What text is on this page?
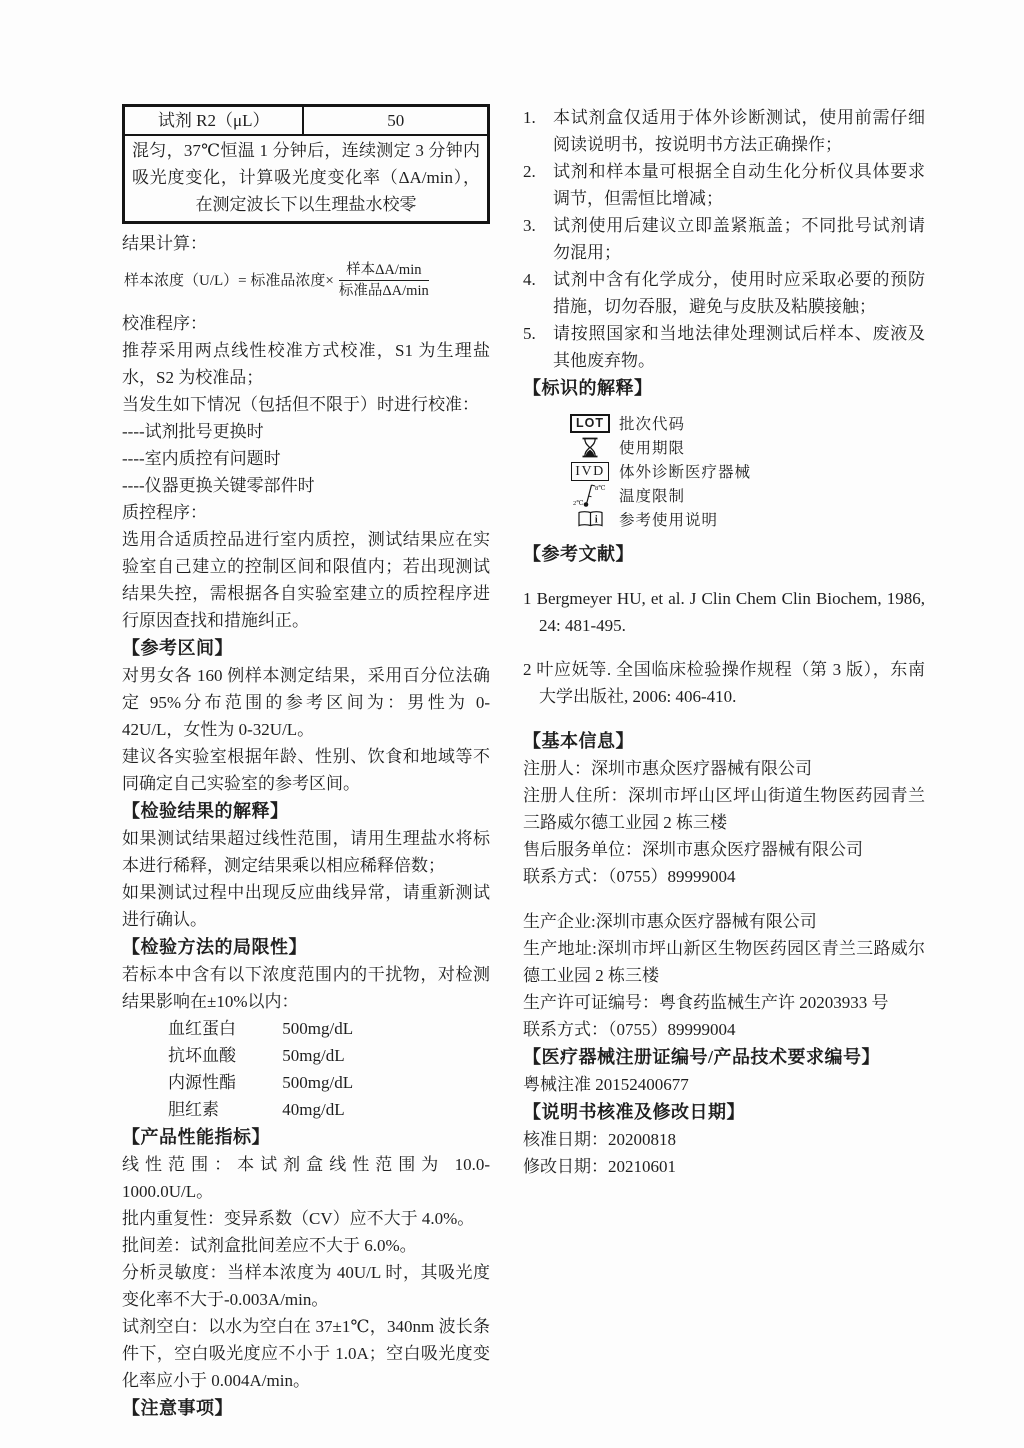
试剂 R2（μL）	50
混匀，37℃恒温 1 分钟后，连续测定 3 分钟内吸光度变化，计算吸光度变化率（ΔA/min），在测定波长下以生理盐水校零

结果计算：

样本浓度（U/L）= 标准品浓度× $\frac{\text{样本ΔA/min}}{\text{标准品ΔA/min}}$

校准程序：

推荐采用两点线性校准方式校准，S1 为生理盐水，S2 为校准品；

当发生如下情况（包括但不限于）时进行校准：

----试剂批号更换时

----室内质控有问题时

----仪器更换关键零部件时

质控程序：

选用合适质控品进行室内质控，测试结果应在实验室自己建立的控制区间和限值内；若出现测试结果失控，需根据各自实验室建立的质控程序进行原因查找和措施纠正。

【参考区间】

对男女各 160 例样本测定结果，采用百分位法确定 95%分布范围的参考区间为：男性为 0-42U/L，女性为 0-32U/L。

建议各实验室根据年龄、性别、饮食和地域等不同确定自己实验室的参考区间。

【检验结果的解释】

如果测试结果超过线性范围，请用生理盐水将标本进行稀释，测定结果乘以相应稀释倍数；

如果测试过程中出现反应曲线异常，请重新测试进行确认。

【检验方法的局限性】

若标本中含有以下浓度范围内的干扰物，对检测结果影响在±10%以内：

血红蛋白	500mg/dL
抗坏血酸	50mg/dL
内源性酯	500mg/dL
胆红素	40mg/dL

【产品性能指标】

线性范围：本试剂盒线性范围为 10.0-1000.0U/L。

批内重复性：变异系数（CV）应不大于 4.0%。

批间差：试剂盒批间差应不大于 6.0%。

分析灵敏度：当样本浓度为 40U/L 时，其吸光度变化率不大于-0.003A/min。

试剂空白：以水为空白在 37±1℃，340nm 波长条件下，空白吸光度应不小于 1.0A；空白吸光度变化率应小于 0.004A/min。

【注意事项】

1.	本试剂盒仅适用于体外诊断测试，使用前需仔细阅读说明书，按说明书方法正确操作；
2.	试剂和样本量可根据全自动生化分析仪具体要求调节，但需恒比增减；
3.	试剂使用后建议立即盖紧瓶盖；不同批号试剂请勿混用；
4.	试剂中含有化学成分，使用时应采取必要的预防措施，切勿吞服，避免与皮肤及粘膜接触；
5.	请按照国家和当地法律处理测试后样本、废液及其他废弃物。

【标识的解释】

LOT 批次代码
使用期限
IVD 体外诊断医疗器械
8℃
2℃ 温度限制
i 参考使用说明

【参考文献】

1 Bergmeyer HU, et al. J Clin Chem Clin Biochem, 1986, 24: 481-495.

2 叶应妩等. 全国临床检验操作规程（第 3 版），东南大学出版社, 2006: 406-410.

【基本信息】

注册人：深圳市惠众医疗器械有限公司

注册人住所：深圳市坪山区坪山街道生物医药园青兰三路威尔德工业园 2 栋三楼

售后服务单位：深圳市惠众医疗器械有限公司

联系方式：（0755）89999004

生产企业:深圳市惠众医疗器械有限公司

生产地址:深圳市坪山新区生物医药园区青兰三路威尔德工业园 2 栋三楼

生产许可证编号：粤食药监械生产许 20203933 号

联系方式：（0755）89999004

【医疗器械注册证编号/产品技术要求编号】

粤械注准 20152400677

【说明书核准及修改日期】

核准日期：20200818

修改日期：20210601
